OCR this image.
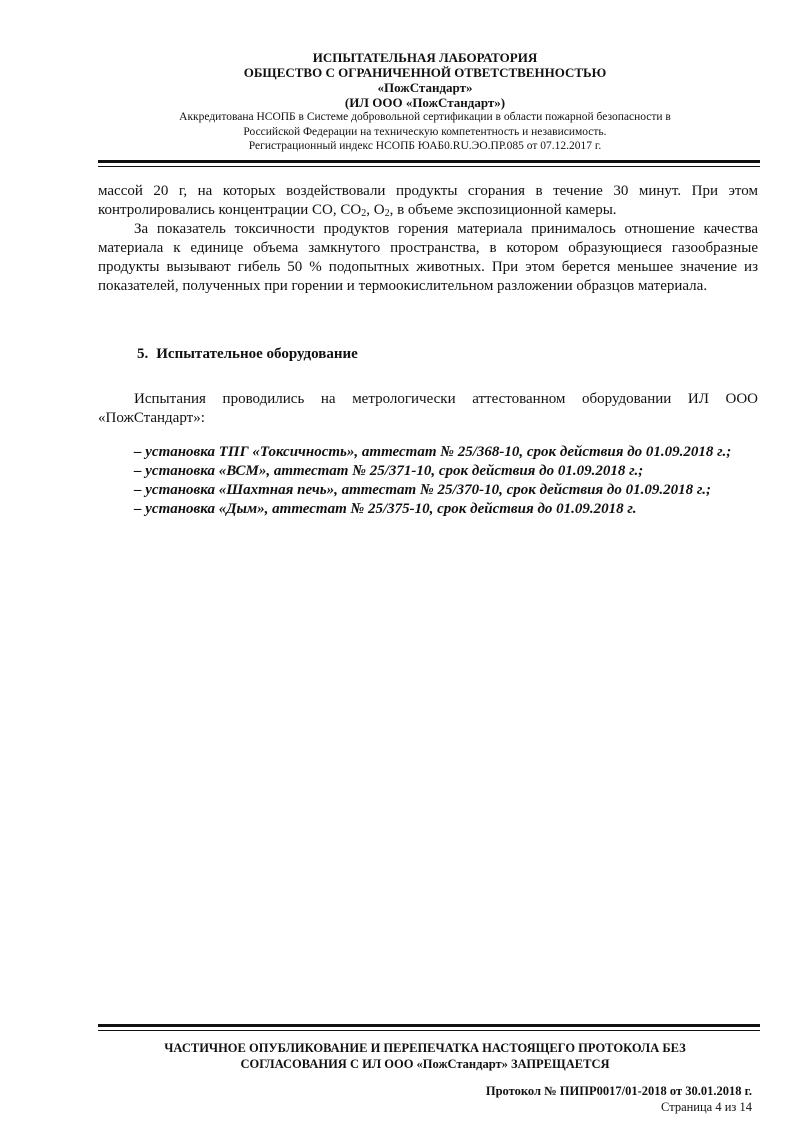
ИСПЫТАТЕЛЬНАЯ ЛАБОРАТОРИЯ
ОБЩЕСТВО С ОГРАНИЧЕННОЙ ОТВЕТСТВЕННОСТЬЮ
«ПожСтандарт»
(ИЛ ООО «ПожСтандарт»)
Аккредитована НСОПБ в Системе добровольной сертификации в области пожарной безопасности в
Российской Федерации на техническую компетентность и независимость.
Регистрационный индекс НСОПБ ЮАБ0.RU.ЭО.ПР.085 от 07.12.2017 г.

массой 20 г, на которых воздействовали продукты сгорания в течение 30 минут. При этом контролировались концентрации CO, $CO_2$, $O_2$, в объеме экспозиционной камеры.

За показатель токсичности продуктов горения материала принималось отношение качества материала к единице объема замкнутого пространства, в котором образующиеся газообразные продукты вызывают гибель 50 % подопытных животных. При этом берется меньшее значение из показателей, полученных при горении и термоокислительном разложении образцов материала.

5. Испытательное оборудование
Испытания проводились на метрологически аттестованном оборудовании ИЛ ООО «ПожСтандарт»:

– установка ТПГ «Токсичность», аттестат № 25/368-10, срок действия до 01.09.2018 г.;

– установка «ВСМ», аттестат № 25/371-10, срок действия до 01.09.2018 г.;

– установка «Шахтная печь», аттестат № 25/370-10, срок действия до 01.09.2018 г.;

– установка «Дым», аттестат № 25/375-10, срок действия до 01.09.2018 г.

ЧАСТИЧНОЕ ОПУБЛИКОВАНИЕ И ПЕРЕПЕЧАТКА НАСТОЯЩЕГО ПРОТОКОЛА БЕЗ
СОГЛАСОВАНИЯ С ИЛ ООО «ПожСтандарт» ЗАПРЕЩАЕТСЯ
Протокол № ПИПР0017/01-2018 от 30.01.2018 г.
Страница 4 из 14
